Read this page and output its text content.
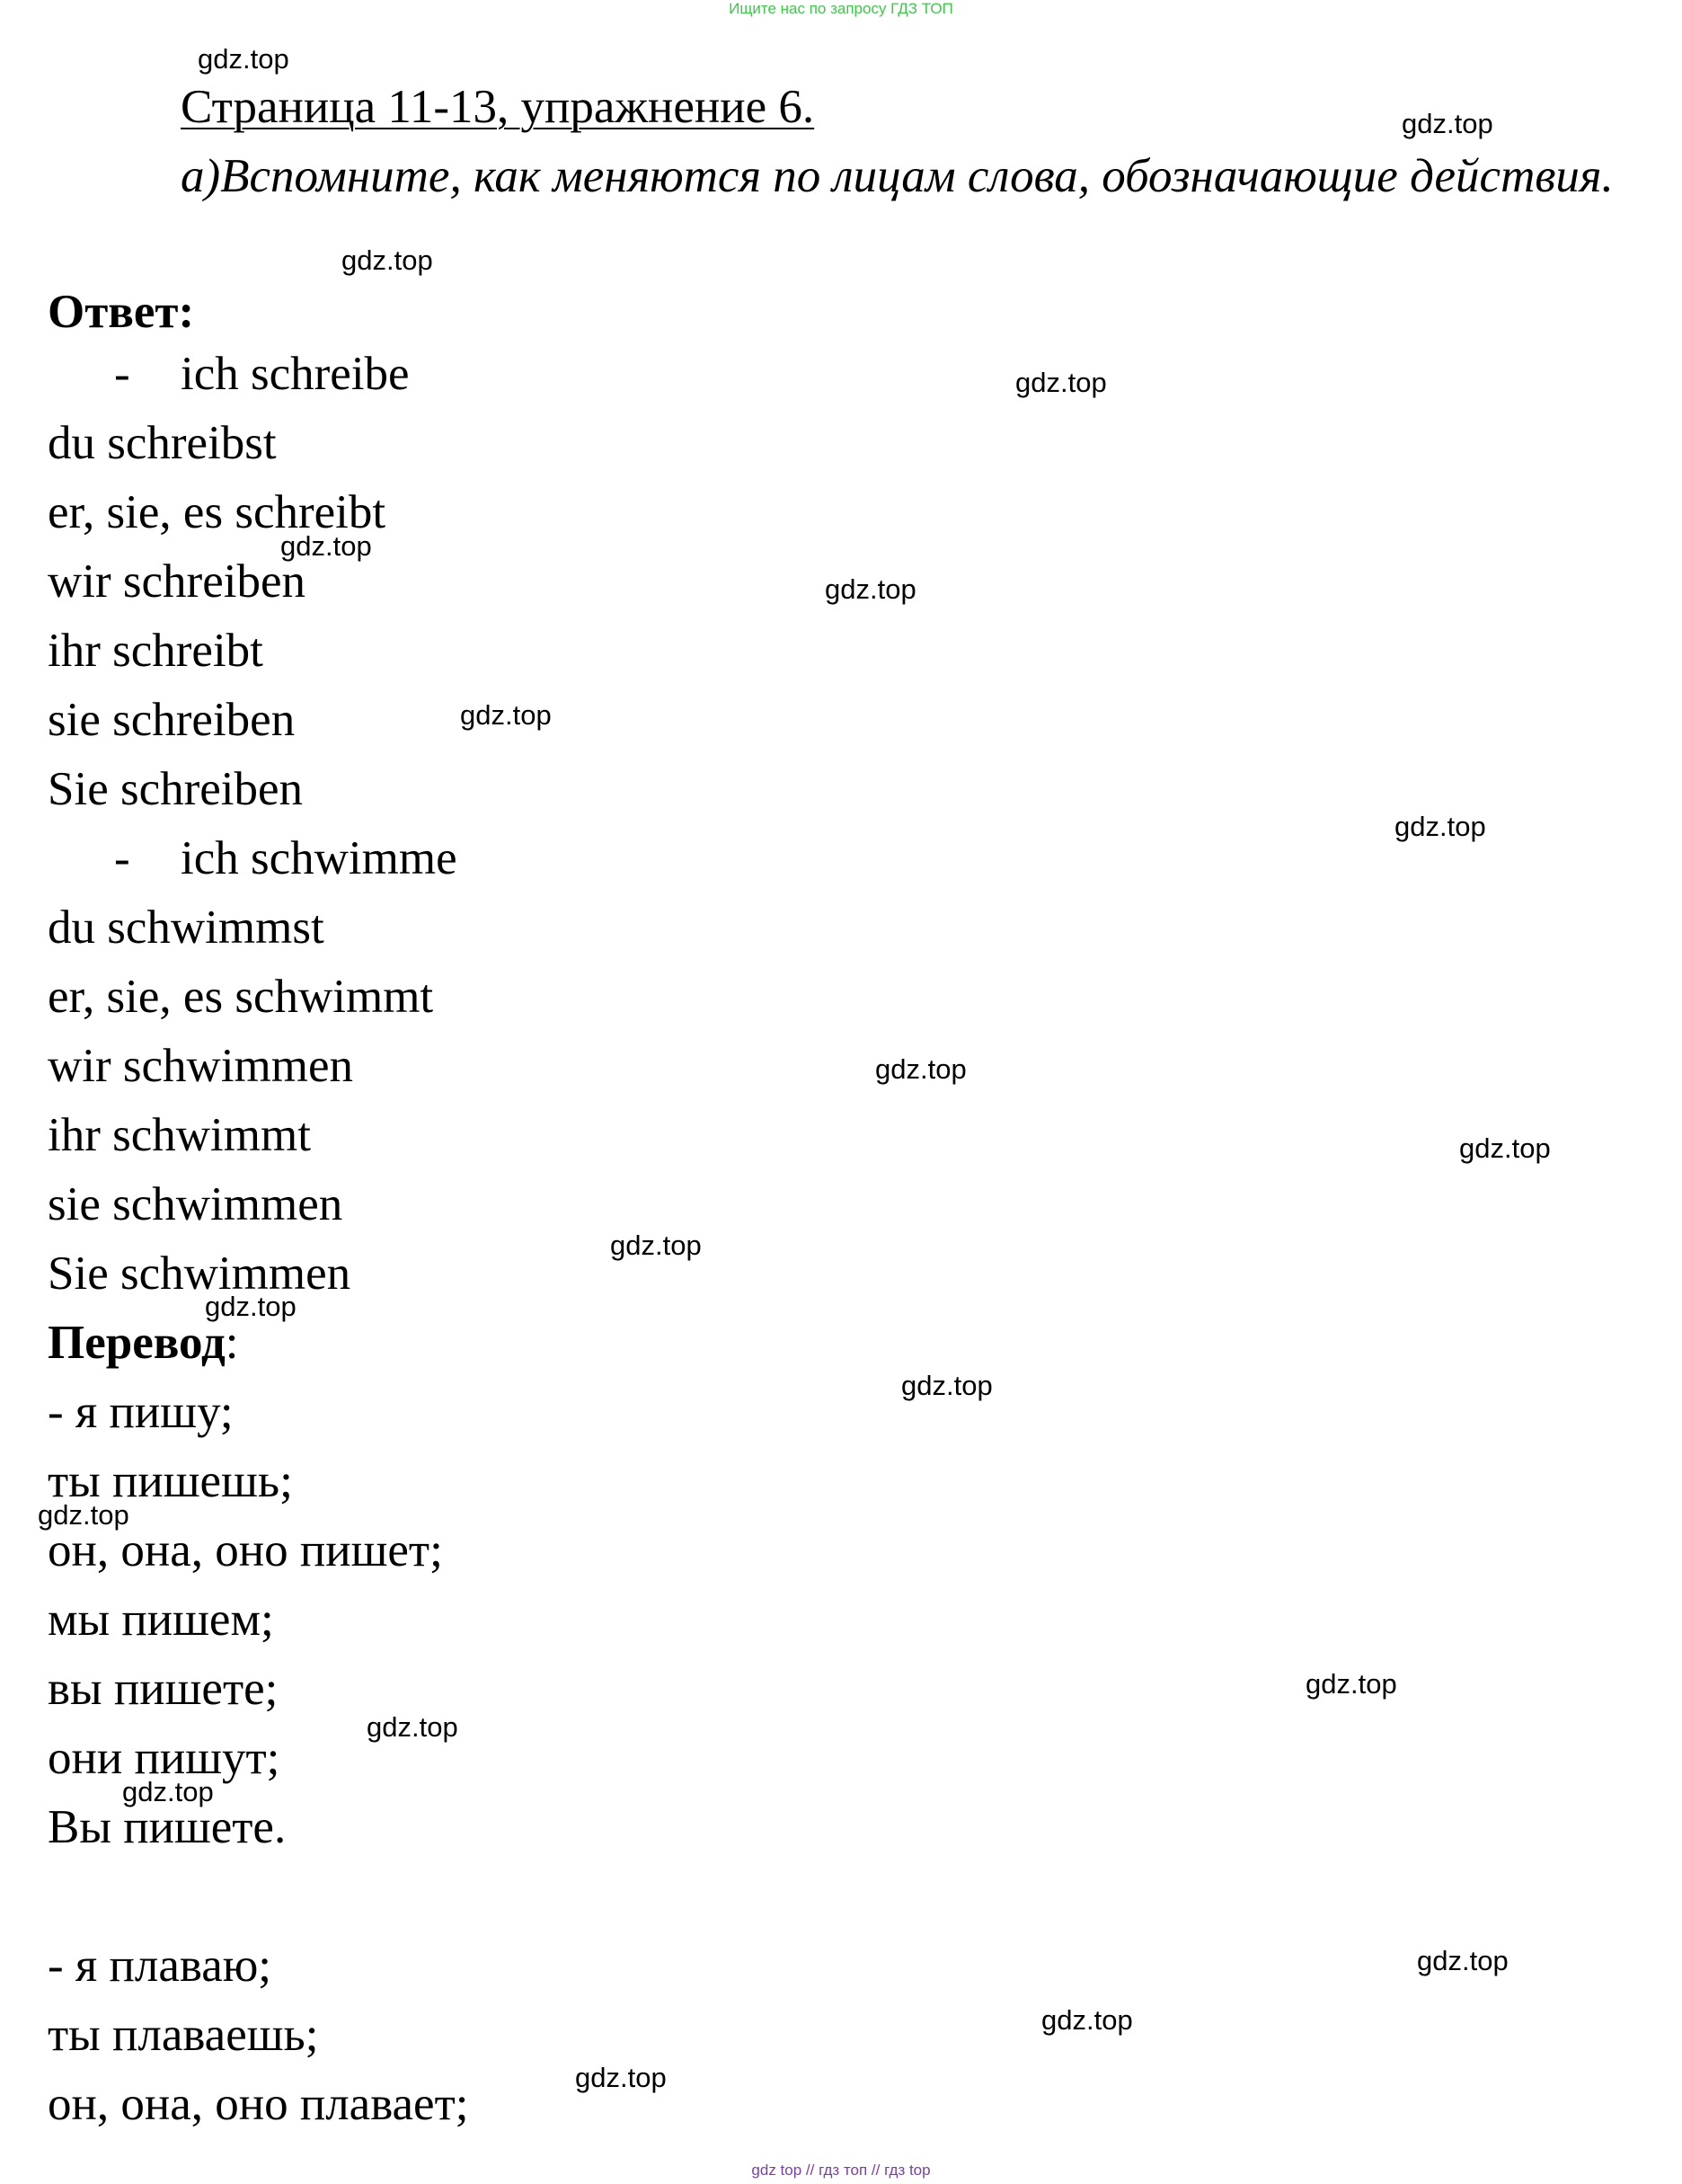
Ищите нас по запросу ГДЗ ТОП
Страница 11-13, упражнение 6.
а)Вспомните, как меняются по лицам слова, обозначающие действия.
Ответ:
- ich schreibe
du schreibst
er, sie, es schreibt
wir schreiben
ihr schreibt
sie schreiben
Sie schreiben
- ich schwimme
du schwimmst
er, sie, es schwimmt
wir schwimmen
ihr schwimmt
sie schwimmen
Sie schwimmen
Перевод:
- я пишу;
ты пишешь;
он, она, оно пишет;
мы пишем;
вы пишете;
они пишут;
Вы пишете.
- я плаваю;
ты плаваешь;
он, она, оно плавает;
gdz.top
gdz.top
gdz.top
gdz.top
gdz.top
gdz.top
gdz.top
gdz.top
gdz.top
gdz.top
gdz.top
gdz.top
gdz.top
gdz.top
gdz.top
gdz.top
gdz.top
gdz.top
gdz.top
gdz.top
gdz top // гдз топ // гдз top
